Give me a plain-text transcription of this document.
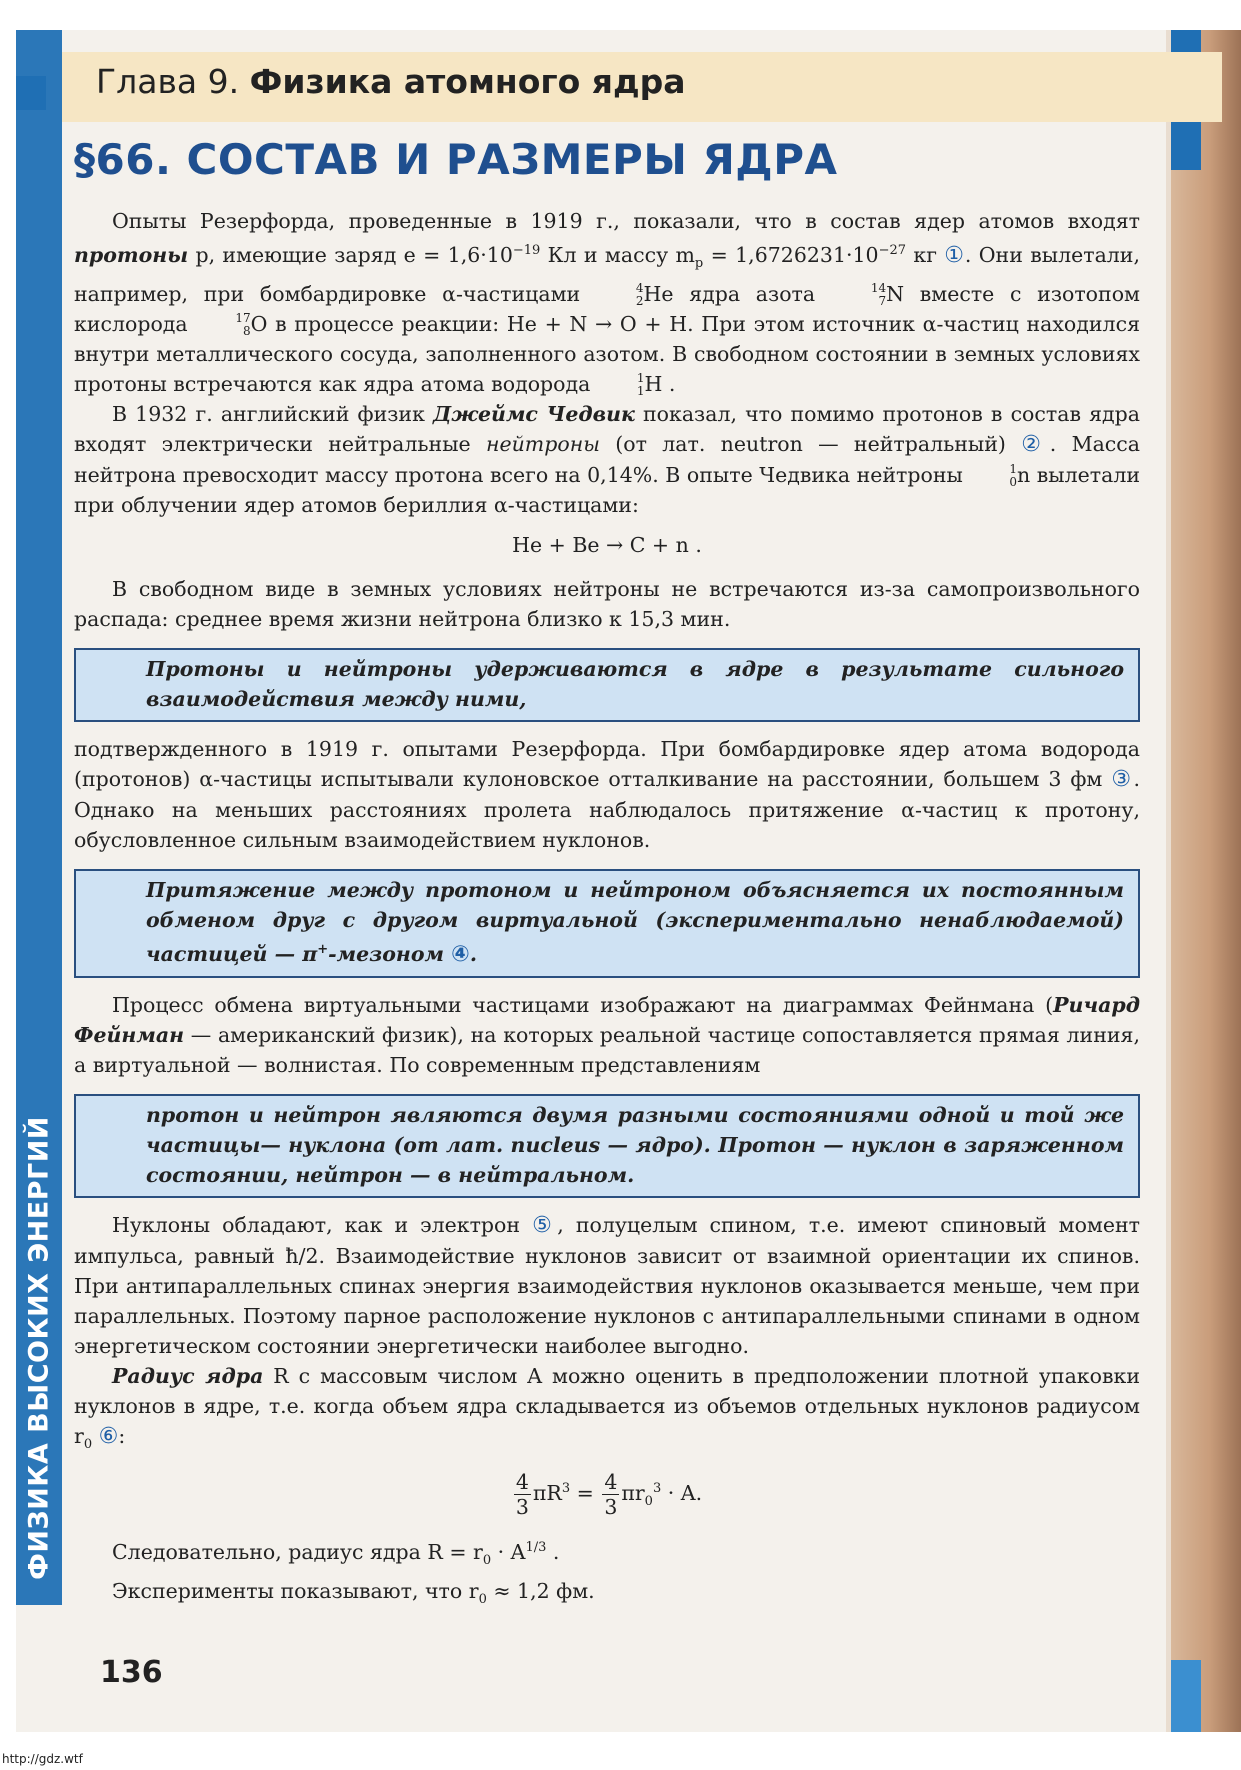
ФИЗИКА ВЫСОКИХ ЭНЕРГИЙ
Глава 9. Физика атомного ядра
§66. СОСТАВ И РАЗМЕРЫ ЯДРА

Опыты Резерфорда, проведенные в 1919 г., показали, что в состав ядер атомов входят протоны p, имеющие заряд $e = 1,6\cdot 10^{-19}$ Кл и массу $m_p = 1,6726231\cdot 10^{-27}$ кг ①. Они вылетали, например, при бомбардировке α-частицами	4
2 He ядра азота	14
7 N вместе с изотопом кислорода	17
8 O в процессе реакции: He + N → O + H. При этом источник α-частиц находился внутри металлического сосуда, заполненного азотом. В свободном состоянии в земных условиях протоны встречаются как ядра атома водорода	1
1 H .

В 1932 г. английский физик Джеймс Чедвик показал, что помимо протонов в состав ядра входят электрически нейтральные нейтроны (от лат. neutron — нейтральный) ②. Масса нейтрона превосходит массу протона всего на 0,14%. В опыте Чедвика нейтроны	1
0 n вылетали при облучении ядер атомов бериллия α-частицами:

He + Be → C + n .

В свободном виде в земных условиях нейтроны не встречаются из-за самопроизвольного распада: среднее время жизни нейтрона близко к 15,3 мин.

Протоны и нейтроны удерживаются в ядре в результате сильного взаимодействия между ними,

подтвержденного в 1919 г. опытами Резерфорда. При бомбардировке ядер атома водорода (протонов) α-частицы испытывали кулоновское отталкивание на расстоянии, большем 3 фм ③. Однако на меньших расстояниях пролета наблюдалось притяжение α-частиц к протону, обусловленное сильным взаимодействием нуклонов.

Притяжение между протоном и нейтроном объясняется их постоянным обменом друг с другом виртуальной (экспериментально ненаблюдаемой) частицей — π+-мезоном ④.

Процесс обмена виртуальными частицами изображают на диаграммах Фейнмана (Ричард Фейнман — американский физик), на которых реальной частице сопоставляется прямая линия, а виртуальной — волнистая. По современным представлениям

протон и нейтрон являются двумя разными состояниями одной и той же частицы— нуклона (от лат. nucleus — ядро). Протон — нуклон в заряженном состоянии, нейтрон — в нейтральном.

Нуклоны обладают, как и электрон ⑤, полуцелым спином, т.е. имеют спиновый момент импульса, равный ħ/2. Взаимодействие нуклонов зависит от взаимной ориентации их спинов. При антипараллельных спинах энергия взаимодействия нуклонов оказывается меньше, чем при параллельных. Поэтому парное расположение нуклонов с антипараллельными спинами в одном энергетическом состоянии энергетически наиболее выгодно.

Радиус ядра R с массовым числом A можно оценить в предположении плотной упаковки нуклонов в ядре, т.е. когда объем ядра складывается из объемов отдельных нуклонов радиусом $r_0$ ⑥:

$\frac{4}{3} \pi R^3 = \frac{4}{3} \pi r_0^3 \cdot A$.

Следовательно, радиус ядра $R = r_0 \cdot A^{1/3}$ .

Эксперименты показывают, что $r_0 \approx 1,2$ фм.

136
http://gdz.wtf
